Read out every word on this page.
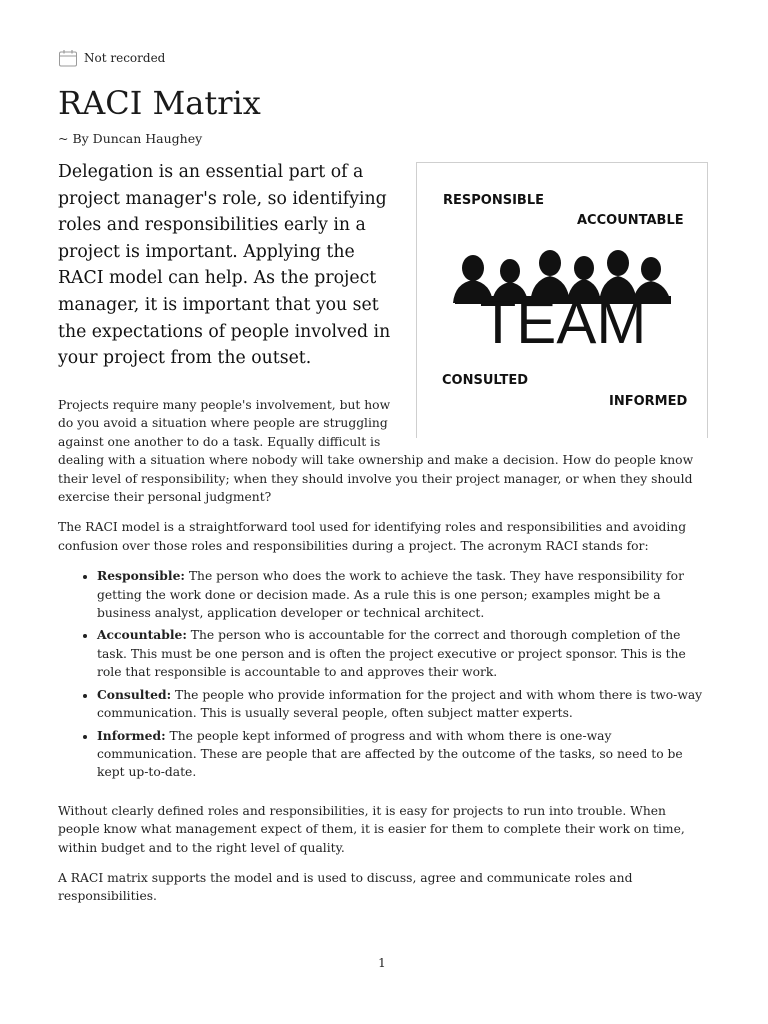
Not recorded
RACI Matrix
~ By Duncan Haughey

Delegation is an essential part of a project manager's role, so identifying roles and responsibilities early in a project is important. Applying the RACI model can help. As the project manager, it is important that you set the expectations of people involved in your project from the outset.

RESPONSIBLE
ACCOUNTABLE
CONSULTED
INFORMED
TEAM

Projects require many people's involvement, but how do you avoid a situation where people are struggling against one another to do a task. Equally difficult is dealing with a situation where nobody will take ownership and make a decision. How do people know their level of responsibility; when they should involve you their project manager, or when they should exercise their personal judgment?

The RACI model is a straightforward tool used for identifying roles and responsibilities and avoiding confusion over those roles and responsibilities during a project. The acronym RACI stands for:

• Responsible: The person who does the work to achieve the task. They have responsibility for getting the work done or decision made. As a rule this is one person; examples might be a business analyst, application developer or technical architect.
• Accountable: The person who is accountable for the correct and thorough completion of the task. This must be one person and is often the project executive or project sponsor. This is the role that responsible is accountable to and approves their work.
• Consulted: The people who provide information for the project and with whom there is two-way communication. This is usually several people, often subject matter experts.
• Informed: The people kept informed of progress and with whom there is one-way communication. These are people that are affected by the outcome of the tasks, so need to be kept up-to-date.

Without clearly defined roles and responsibilities, it is easy for projects to run into trouble. When people know what management expect of them, it is easier for them to complete their work on time, within budget and to the right level of quality.

A RACI matrix supports the model and is used to discuss, agree and communicate roles and responsibilities.

1
